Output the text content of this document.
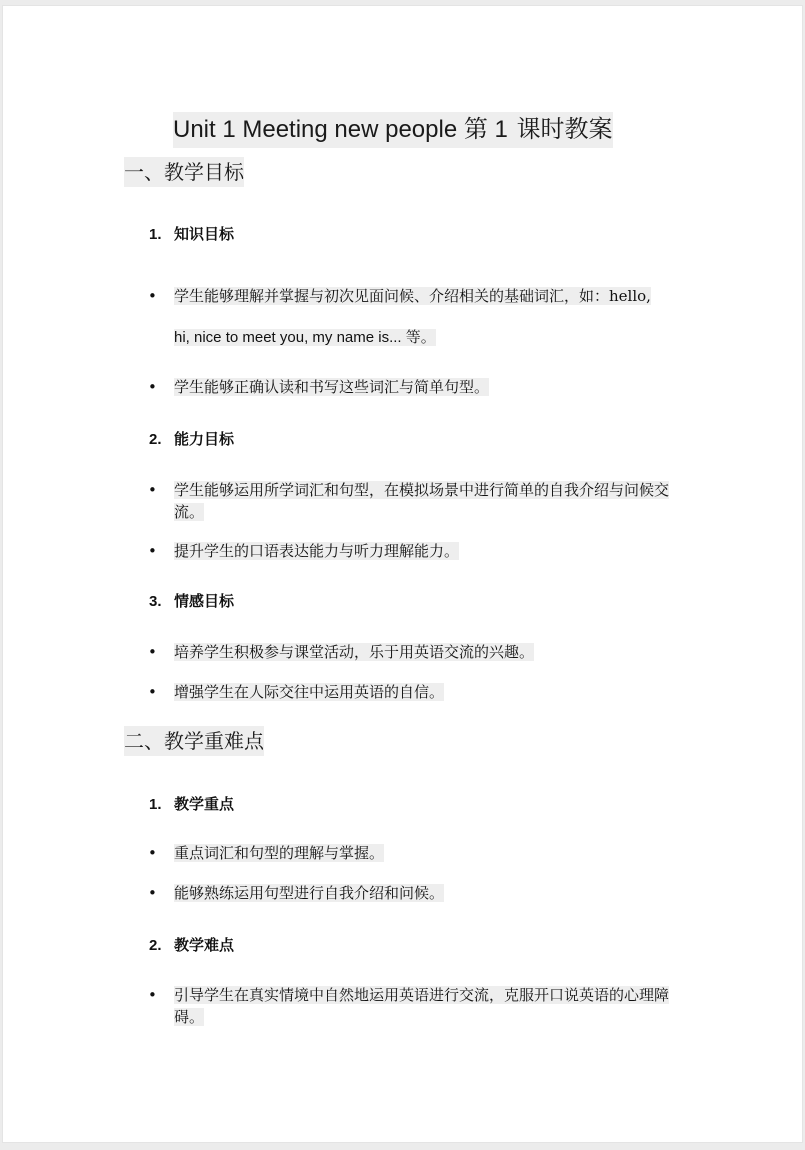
Unit 1 Meeting new people 第 1 课时教案
一、教学目标
1. 知识目标
• 学生能够理解并掌握与初次见面问候、介绍相关的基础词汇，如：hello,
hi, nice to meet you, my name is... 等。
• 学生能够正确认读和书写这些词汇与简单句型。
2. 能力目标
• 学生能够运用所学词汇和句型，在模拟场景中进行简单的自我介绍与问候交流。
• 提升学生的口语表达能力与听力理解能力。
3. 情感目标
• 培养学生积极参与课堂活动，乐于用英语交流的兴趣。
• 增强学生在人际交往中运用英语的自信。
二、教学重难点
1. 教学重点
• 重点词汇和句型的理解与掌握。
• 能够熟练运用句型进行自我介绍和问候。
2. 教学难点
• 引导学生在真实情境中自然地运用英语进行交流，克服开口说英语的心理障碍。
